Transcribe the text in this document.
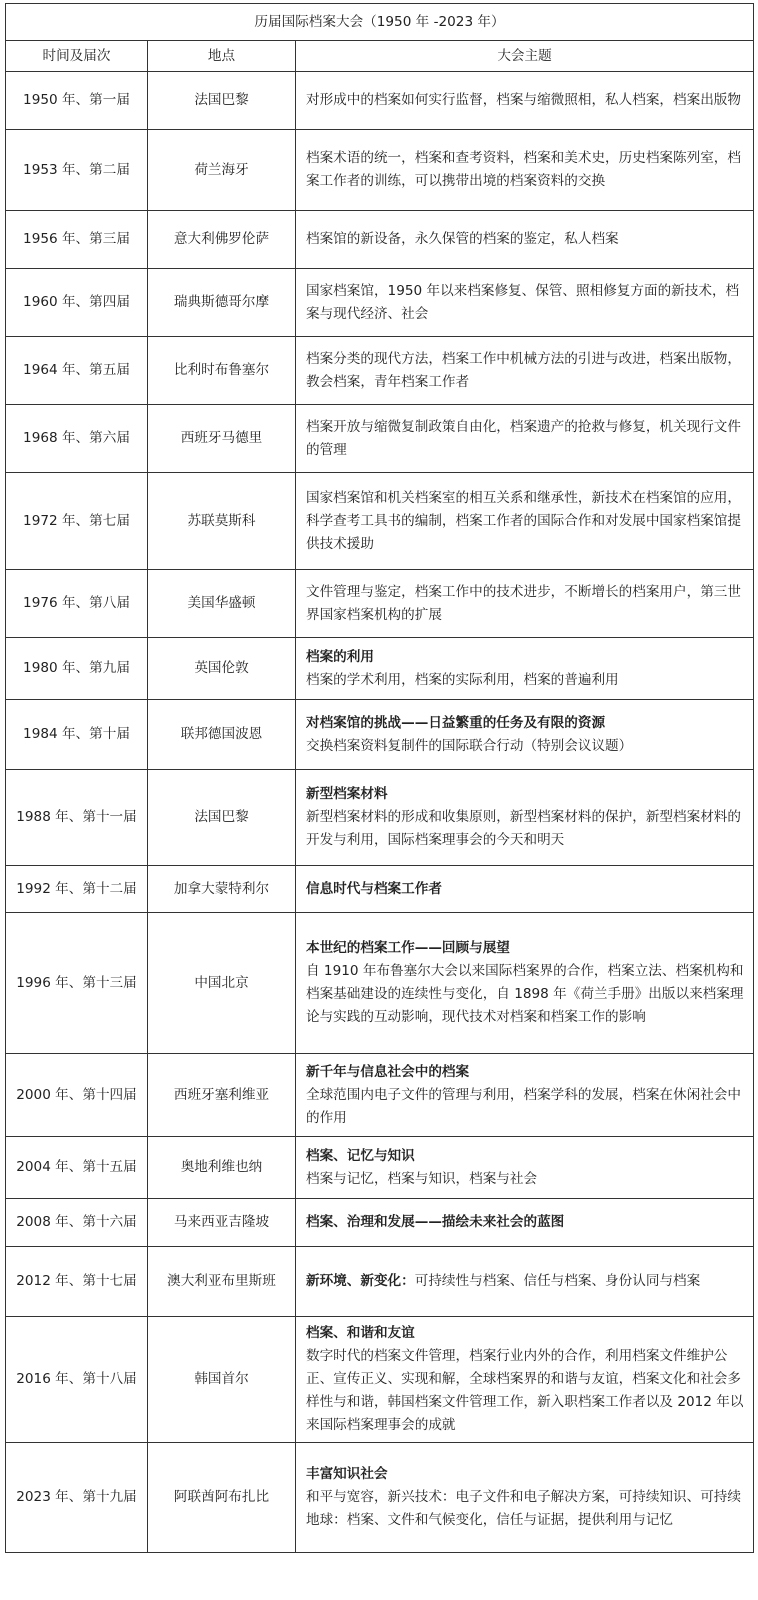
历届国际档案大会（1950 年 -2023 年）		
时间及届次	地点	大会主题
1950 年、第一届	法国巴黎	对形成中的档案如何实行监督，档案与缩微照相，私人档案，档案出版物

1953 年、第二届	荷兰海牙	档案术语的统一，档案和查考资料，档案和美术史，历史档案陈列室，档案工作者的训练，可以携带出境的档案资料的交换

1956 年、第三届	意大利佛罗伦萨	档案馆的新设备，永久保管的档案的鉴定，私人档案

1960 年、第四届	瑞典斯德哥尔摩	国家档案馆，1950 年以来档案修复、保管、照相修复方面的新技术，档案与现代经济、社会

1964 年、第五届	比利时布鲁塞尔	档案分类的现代方法，档案工作中机械方法的引进与改进，档案出版物，教会档案，青年档案工作者

1968 年、第六届	西班牙马德里	档案开放与缩微复制政策自由化，档案遗产的抢救与修复，机关现行文件的管理

1972 年、第七届	苏联莫斯科	国家档案馆和机关档案室的相互关系和继承性，新技术在档案馆的应用，科学查考工具书的编制，档案工作者的国际合作和对发展中国家档案馆提供技术援助

1976 年、第八届	美国华盛顿	文件管理与鉴定，档案工作中的技术进步，不断增长的档案用户，第三世界国家档案机构的扩展

1980 年、第九届	英国伦敦	档案的利用
档案的学术利用，档案的实际利用，档案的普遍利用

1984 年、第十届	联邦德国波恩	对档案馆的挑战——日益繁重的任务及有限的资源
交换档案资料复制件的国际联合行动（特别会议议题）

1988 年、第十一届	法国巴黎	新型档案材料
新型档案材料的形成和收集原则，新型档案材料的保护，新型档案材料的开发与利用，国际档案理事会的今天和明天

1992 年、第十二届	加拿大蒙特利尔	信息时代与档案工作者

1996 年、第十三届	中国北京	本世纪的档案工作——回顾与展望
自 1910 年布鲁塞尔大会以来国际档案界的合作，档案立法、档案机构和档案基础建设的连续性与变化，自 1898 年《荷兰手册》出版以来档案理论与实践的互动影响，现代技术对档案和档案工作的影响

2000 年、第十四届	西班牙塞利维亚	新千年与信息社会中的档案
全球范围内电子文件的管理与利用，档案学科的发展，档案在休闲社会中的作用

2004 年、第十五届	奥地利维也纳	档案、记忆与知识
档案与记忆，档案与知识，档案与社会

2008 年、第十六届	马来西亚吉隆坡	档案、治理和发展——描绘未来社会的蓝图

2012 年、第十七届	澳大利亚布里斯班	新环境、新变化：可持续性与档案、信任与档案、身份认同与档案

2016 年、第十八届	韩国首尔	档案、和谐和友谊
数字时代的档案文件管理，档案行业内外的合作，利用档案文件维护公正、宣传正义、实现和解，全球档案界的和谐与友谊，档案文化和社会多样性与和谐，韩国档案文件管理工作，新入职档案工作者以及 2012 年以来国际档案理事会的成就

2023 年、第十九届	阿联酋阿布扎比	丰富知识社会
和平与宽容，新兴技术：电子文件和电子解决方案，可持续知识、可持续地球：档案、文件和气候变化，信任与证据，提供利用与记忆
